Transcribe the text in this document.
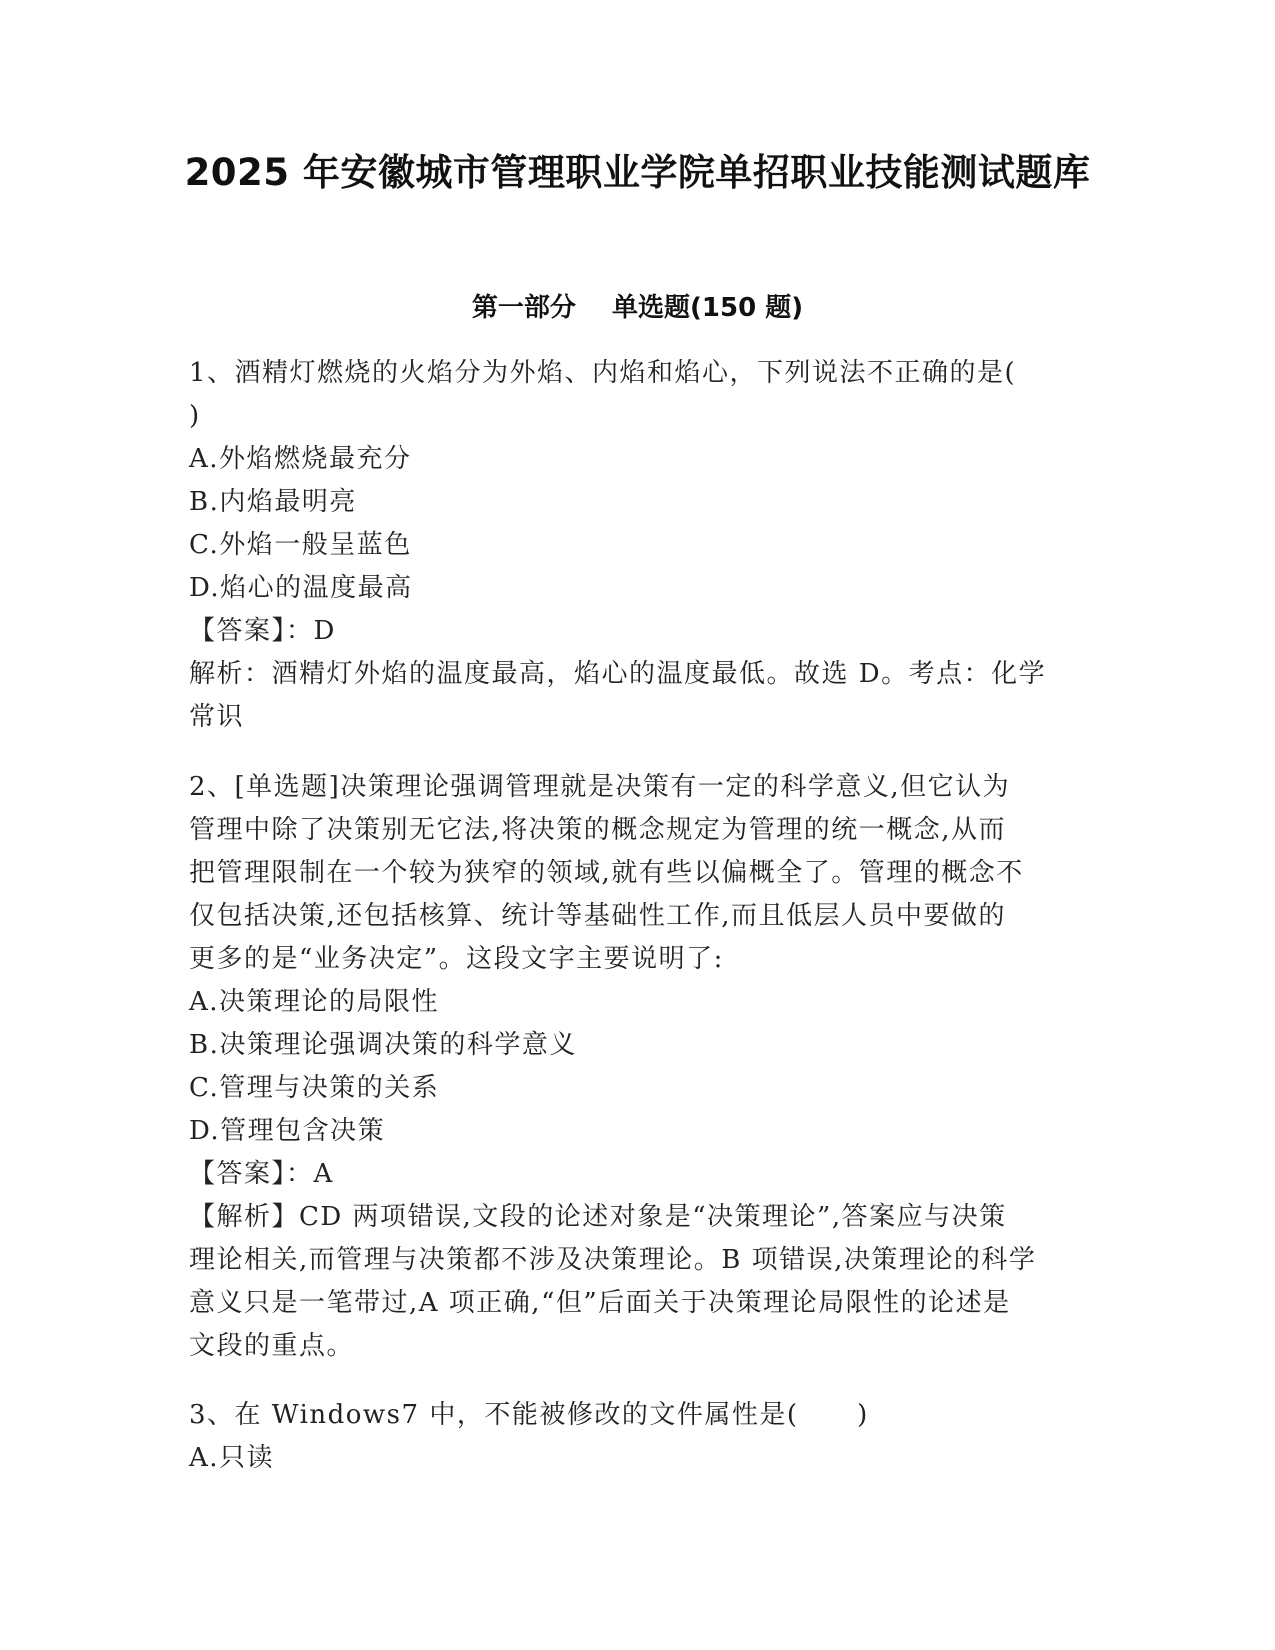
2025 年安徽城市管理职业学院单招职业技能测试题库
第一部分    单选题(150 题)
1、酒精灯燃烧的火焰分为外焰、内焰和焰心，下列说法不正确的是(
)
A.外焰燃烧最充分
B.内焰最明亮
C.外焰一般呈蓝色
D.焰心的温度最高
【答案】：D
解析：酒精灯外焰的温度最高，焰心的温度最低。故选 D。考点：化学
常识
2、[单选题]决策理论强调管理就是决策有一定的科学意义,但它认为
管理中除了决策别无它法,将决策的概念规定为管理的统一概念,从而
把管理限制在一个较为狭窄的领域,就有些以偏概全了。管理的概念不
仅包括决策,还包括核算、统计等基础性工作,而且低层人员中要做的
更多的是“业务决定”。这段文字主要说明了:
A.决策理论的局限性
B.决策理论强调决策的科学意义
C.管理与决策的关系
D.管理包含决策
【答案】：A
【解析】CD 两项错误,文段的论述对象是“决策理论”,答案应与决策
理论相关,而管理与决策都不涉及决策理论。B 项错误,决策理论的科学
意义只是一笔带过,A 项正确,“但”后面关于决策理论局限性的论述是
文段的重点。
3、在 Windows7 中，不能被修改的文件属性是(      )
A.只读
